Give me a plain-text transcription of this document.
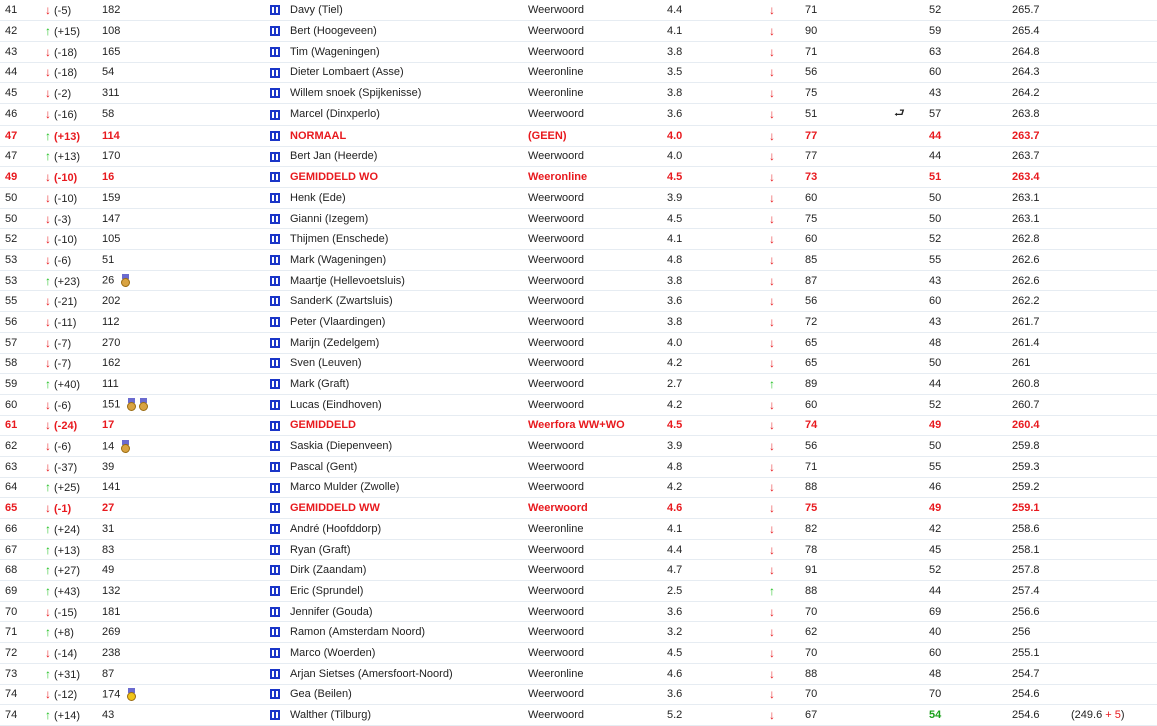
41	↓ (-5)	182		Davy (Tiel)	Weerwoord	4.4	↓	71		52	265.7	
42	↑ (+15)	108		Bert (Hoogeveen)	Weerwoord	4.1	↓	90		59	265.4	
43	↓ (-18)	165		Tim (Wageningen)	Weerwoord	3.8	↓	71		63	264.8	
44	↓ (-18)	54		Dieter Lombaert (Asse)	Weeronline	3.5	↓	56		60	264.3	
45	↓ (-2)	311		Willem snoek (Spijkenisse)	Weeronline	3.8	↓	75		43	264.2	
46	↓ (-16)	58		Marcel (Dinxperlo)	Weerwoord	3.6	↓	51	⮐	57	263.8	
47	↑ (+13)	114		NORMAAL	(GEEN)	4.0	↓	77		44	263.7	
47	↑ (+13)	170		Bert Jan (Heerde)	Weerwoord	4.0	↓	77		44	263.7	
49	↓ (-10)	16		GEMIDDELD WO	Weeronline	4.5	↓	73		51	263.4	
50	↓ (-10)	159		Henk (Ede)	Weerwoord	3.9	↓	60		50	263.1	
50	↓ (-3)	147		Gianni (Izegem)	Weerwoord	4.5	↓	75		50	263.1	
52	↓ (-10)	105		Thijmen (Enschede)	Weerwoord	4.1	↓	60		52	262.8	
53	↓ (-6)	51		Mark (Wageningen)	Weerwoord	4.8	↓	85		55	262.6	
53	↑ (+23)	26		Maartje (Hellevoetsluis)	Weerwoord	3.8	↓	87		43	262.6	
55	↓ (-21)	202		SanderK (Zwartsluis)	Weerwoord	3.6	↓	56		60	262.2	
56	↓ (-11)	112		Peter (Vlaardingen)	Weerwoord	3.8	↓	72		43	261.7	
57	↓ (-7)	270		Marijn (Zedelgem)	Weerwoord	4.0	↓	65		48	261.4	
58	↓ (-7)	162		Sven (Leuven)	Weerwoord	4.2	↓	65		50	261	
59	↑ (+40)	111		Mark (Graft)	Weerwoord	2.7	↑	89		44	260.8	
60	↓ (-6)	151		Lucas (Eindhoven)	Weerwoord	4.2	↓	60		52	260.7	
61	↓ (-24)	17		GEMIDDELD	Weerfora WW+WO	4.5	↓	74		49	260.4	
62	↓ (-6)	14		Saskia (Diepenveen)	Weerwoord	3.9	↓	56		50	259.8	
63	↓ (-37)	39		Pascal (Gent)	Weerwoord	4.8	↓	71		55	259.3	
64	↑ (+25)	141		Marco Mulder (Zwolle)	Weerwoord	4.2	↓	88		46	259.2	
65	↓ (-1)	27		GEMIDDELD WW	Weerwoord	4.6	↓	75		49	259.1	
66	↑ (+24)	31		André (Hoofddorp)	Weeronline	4.1	↓	82		42	258.6	
67	↑ (+13)	83		Ryan (Graft)	Weerwoord	4.4	↓	78		45	258.1	
68	↑ (+27)	49		Dirk (Zaandam)	Weerwoord	4.7	↓	91		52	257.8	
69	↑ (+43)	132		Eric (Sprundel)	Weerwoord	2.5	↑	88		44	257.4	
70	↓ (-15)	181		Jennifer (Gouda)	Weerwoord	3.6	↓	70		69	256.6	
71	↑ (+8)	269		Ramon (Amsterdam Noord)	Weerwoord	3.2	↓	62		40	256	
72	↓ (-14)	238		Marco (Woerden)	Weerwoord	4.5	↓	70		60	255.1	
73	↑ (+31)	87		Arjan Sietses (Amersfoort-Noord)	Weeronline	4.6	↓	88		48	254.7	
74	↓ (-12)	174		Gea (Beilen)	Weerwoord	3.6	↓	70		70	254.6	
74	↑ (+14)	43		Walther (Tilburg)	Weerwoord	5.2	↓	67		54	254.6	(249.6 + 5)
